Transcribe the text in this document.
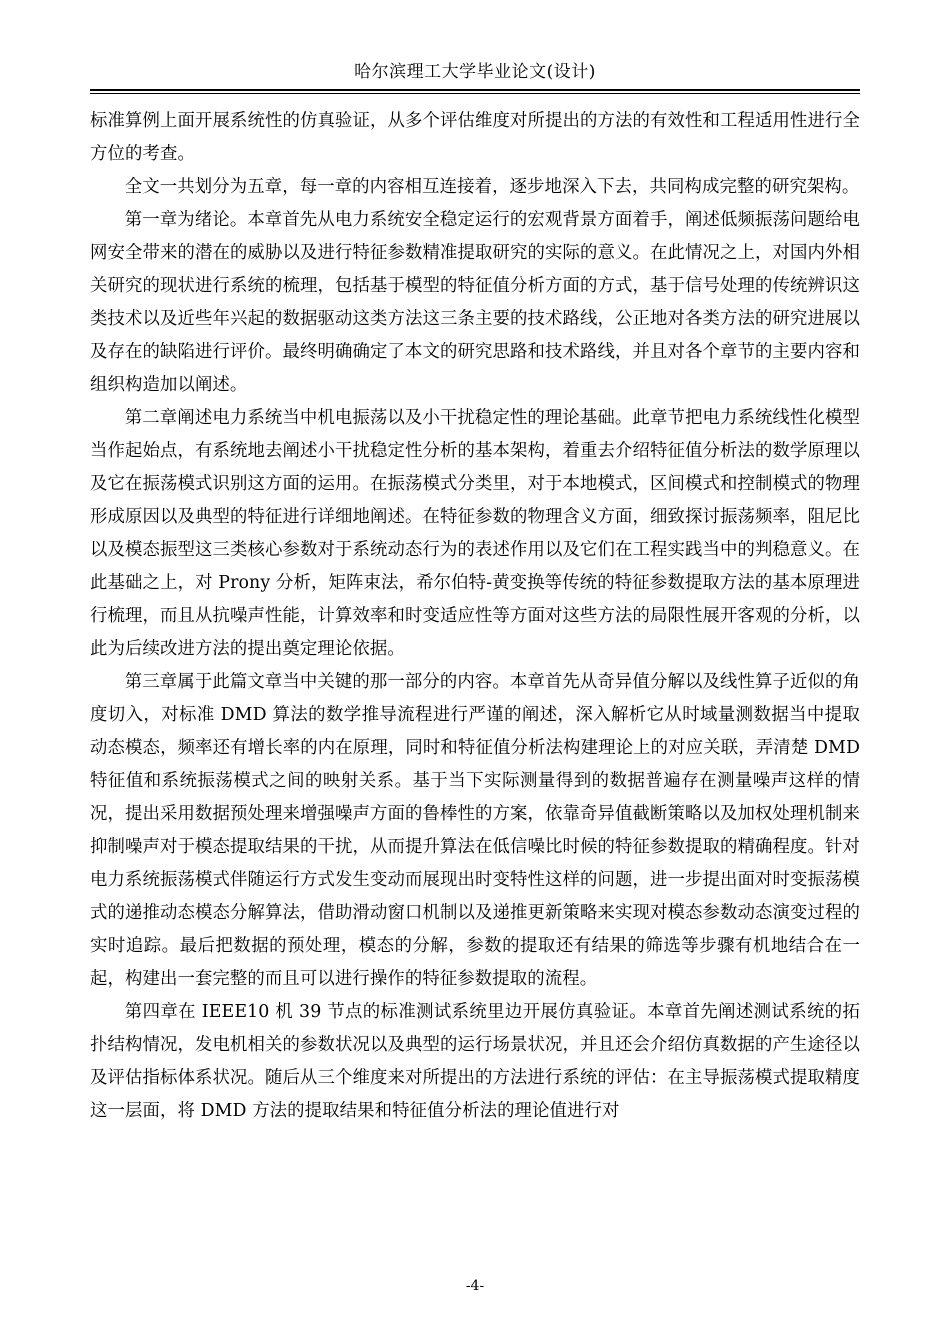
哈尔滨理工大学毕业论文(设计)

标准算例上面开展系统性的仿真验证，从多个评估维度对所提出的方法的有效性和工程适用性进行全方位的考查。

全文一共划分为五章，每一章的内容相互连接着，逐步地深入下去，共同构成完整的研究架构。

第一章为绪论。本章首先从电力系统安全稳定运行的宏观背景方面着手，阐述低频振荡问题给电网安全带来的潜在的威胁以及进行特征参数精准提取研究的实际的意义。在此情况之上，对国内外相关研究的现状进行系统的梳理，包括基于模型的特征值分析方面的方式，基于信号处理的传统辨识这类技术以及近些年兴起的数据驱动这类方法这三条主要的技术路线，公正地对各类方法的研究进展以及存在的缺陷进行评价。最终明确确定了本文的研究思路和技术路线，并且对各个章节的主要内容和组织构造加以阐述。

第二章阐述电力系统当中机电振荡以及小干扰稳定性的理论基础。此章节把电力系统线性化模型当作起始点，有系统地去阐述小干扰稳定性分析的基本架构，着重去介绍特征值分析法的数学原理以及它在振荡模式识别这方面的运用。在振荡模式分类里，对于本地模式，区间模式和控制模式的物理形成原因以及典型的特征进行详细地阐述。在特征参数的物理含义方面，细致探讨振荡频率，阻尼比以及模态振型这三类核心参数对于系统动态行为的表述作用以及它们在工程实践当中的判稳意义。在此基础之上，对 Prony 分析，矩阵束法，希尔伯特-黄变换等传统的特征参数提取方法的基本原理进行梳理，而且从抗噪声性能，计算效率和时变适应性等方面对这些方法的局限性展开客观的分析，以此为后续改进方法的提出奠定理论依据。

第三章属于此篇文章当中关键的那一部分的内容。本章首先从奇异值分解以及线性算子近似的角度切入，对标准 DMD 算法的数学推导流程进行严谨的阐述，深入解析它从时域量测数据当中提取动态模态，频率还有增长率的内在原理，同时和特征值分析法构建理论上的对应关联，弄清楚 DMD 特征值和系统振荡模式之间的映射关系。基于当下实际测量得到的数据普遍存在测量噪声这样的情况，提出采用数据预处理来增强噪声方面的鲁棒性的方案，依靠奇异值截断策略以及加权处理机制来抑制噪声对于模态提取结果的干扰，从而提升算法在低信噪比时候的特征参数提取的精确程度。针对电力系统振荡模式伴随运行方式发生变动而展现出时变特性这样的问题，进一步提出面对时变振荡模式的递推动态模态分解算法，借助滑动窗口机制以及递推更新策略来实现对模态参数动态演变过程的实时追踪。最后把数据的预处理，模态的分解，参数的提取还有结果的筛选等步骤有机地结合在一起，构建出一套完整的而且可以进行操作的特征参数提取的流程。

第四章在 IEEE10 机 39 节点的标准测试系统里边开展仿真验证。本章首先阐述测试系统的拓扑结构情况，发电机相关的参数状况以及典型的运行场景状况，并且还会介绍仿真数据的产生途径以及评估指标体系状况。随后从三个维度来对所提出的方法进行系统的评估：在主导振荡模式提取精度这一层面，将 DMD 方法的提取结果和特征值分析法的理论值进行对

-4-
